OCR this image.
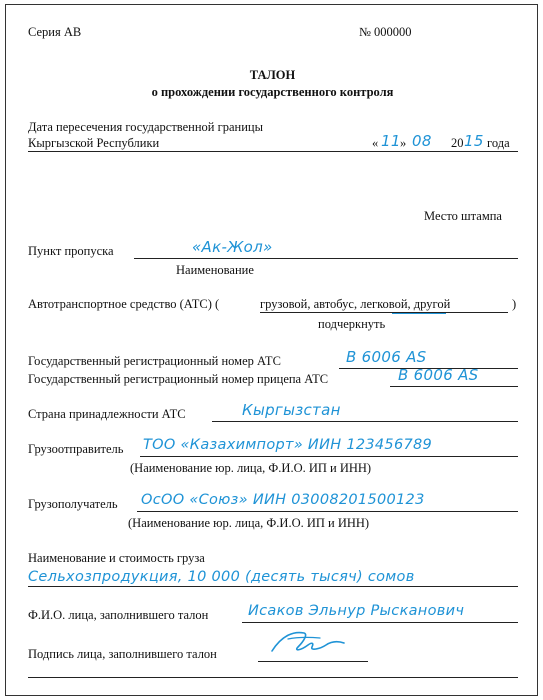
Серия АВ	№ 000000
ТАЛОН
о прохождении государственного контроля
Дата пересечения государственной границы
Кыргызской Республики	« 11 » 08 20 15 года
Место штампа
Пункт пропуска	«Ак-Жол»
Наименование
Автотранспортное средство (АТС) (	грузовой, автобус, легковой, другой	)
подчеркнуть
Государственный регистрационный номер АТС	B 6006 AS
Государственный регистрационный номер прицепа АТС	B 6006 AS
Страна принадлежности АТС	Кыргызстан
Грузоотправитель ТОО «Казахимпорт» ИИН 123456789
(Наименование юр. лица, Ф.И.О. ИП и ИНН)
Грузополучатель ОсОО «Союз» ИИН 03008201500123
(Наименование юр. лица, Ф.И.О. ИП и ИНН)
Наименование и стоимость груза
Сельхозпродукция, 10 000 (десять тысяч) сомов
Ф.И.О. лица, заполнившего талон	Исаков Эльнур Рысканович
Подпись лица, заполнившего талон
